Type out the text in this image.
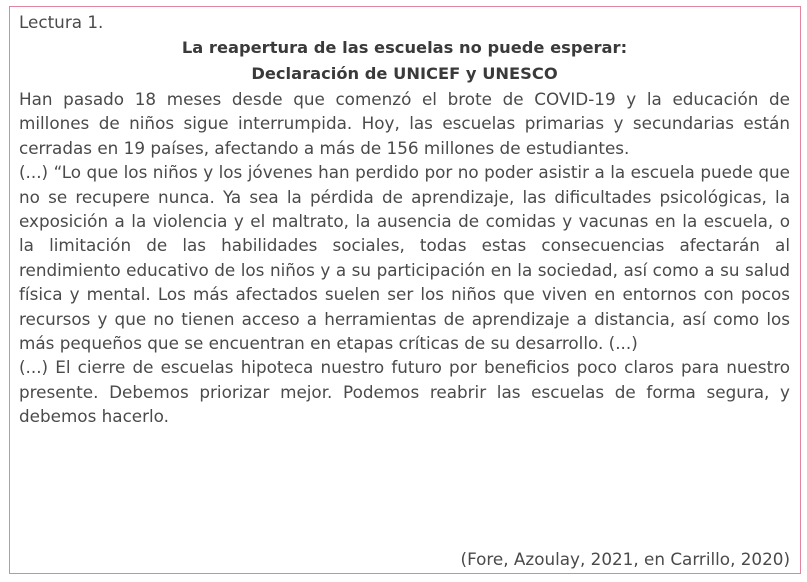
Lectura 1.

La reapertura de las escuelas no puede esperar:
Declaración de UNICEF y UNESCO

Han pasado 18 meses desde que comenzó el brote de COVID-19 y la educación de millones de niños sigue interrumpida. Hoy, las escuelas primarias y secundarias están cerradas en 19 países, afectando a más de 156 millones de estudiantes.

(...) “Lo que los niños y los jóvenes han perdido por no poder asistir a la escuela puede que no se recupere nunca. Ya sea la pérdida de aprendizaje, las dificultades psicológicas, la exposición a la violencia y el maltrato, la ausencia de comidas y vacunas en la escuela, o la limitación de las habilidades sociales, todas estas consecuencias afectarán al rendimiento educativo de los niños y a su participación en la sociedad, así como a su salud física y mental. Los más afectados suelen ser los niños que viven en entornos con pocos recursos y que no tienen acceso a herramientas de aprendizaje a distancia, así como los más pequeños que se encuentran en etapas críticas de su desarrollo. (...)

(...) El cierre de escuelas hipoteca nuestro futuro por beneficios poco claros para nuestro presente. Debemos priorizar mejor. Podemos reabrir las escuelas de forma segura, y debemos hacerlo.

(Fore, Azoulay, 2021, en Carrillo, 2020)
